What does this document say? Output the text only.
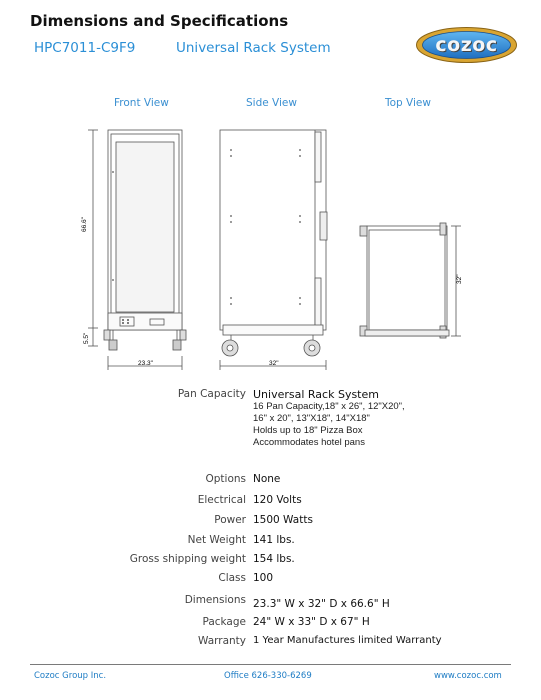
Dimensions and Specifications
HPC7011-C9F9	Universal Rack System	cozoc
Front View	Side View	Top View
66.6"
5.5"
23.3"	32"
32"
Pan Capacity Universal Rack System
16 Pan Capacity,18" x 26", 12"X20",
16" x 20", 13"X18", 14"X18"
Holds up to 18" Pizza Box
Accommodates hotel pans
Options None
Electrical 120 Volts
Power 1500 Watts
Net Weight 141 lbs.
Gross shipping weight 154 lbs.
Class 100
Dimensions 23.3" W x 32" D x 66.6" H
Package 24" W x 33" D x 67" H
Warranty 1 Year Manufactures limited Warranty
Cozoc Group Inc.	Office 626-330-6269	www.cozoc.com
